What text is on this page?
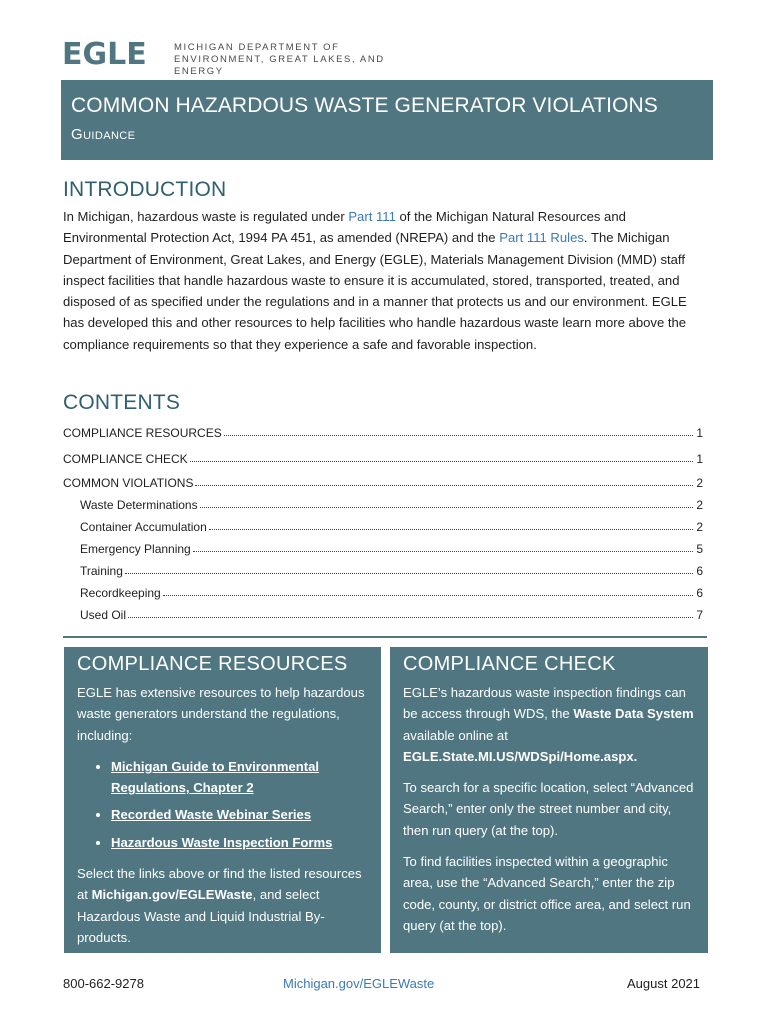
EGLE	MICHIGAN DEPARTMENT OF
ENVIRONMENT, GREAT LAKES, AND ENERGY
COMMON HAZARDOUS WASTE GENERATOR VIOLATIONS
Guidance
INTRODUCTION
In Michigan, hazardous waste is regulated under Part 111 of the Michigan Natural Resources and Environmental Protection Act, 1994 PA 451, as amended (NREPA) and the Part 111 Rules. The Michigan Department of Environment, Great Lakes, and Energy (EGLE), Materials Management Division (MMD) staff inspect facilities that handle hazardous waste to ensure it is accumulated, stored, transported, treated, and disposed of as specified under the regulations and in a manner that protects us and our environment. EGLE has developed this and other resources to help facilities who handle hazardous waste learn more above the compliance requirements so that they experience a safe and favorable inspection.
CONTENTS
COMPLIANCE RESOURCES	1
COMPLIANCE CHECK	1
COMMON VIOLATIONS	2
Waste Determinations	2
Container Accumulation	2
Emergency Planning	5
Training	6
Recordkeeping	6
Used Oil	7
COMPLIANCE RESOURCES

EGLE has extensive resources to help hazardous waste generators understand the regulations, including:

• Michigan Guide to Environmental Regulations, Chapter 2
• Recorded Waste Webinar Series
• Hazardous Waste Inspection Forms

Select the links above or find the listed resources at Michigan.gov/EGLEWaste, and select Hazardous Waste and Liquid Industrial By-products.

COMPLIANCE CHECK

EGLE’s hazardous waste inspection findings can be access through WDS, the Waste Data System available online at EGLE.State.MI.US/WDSpi/Home.aspx.

To search for a specific location, select “Advanced Search,” enter only the street number and city, then run query (at the top).

To find facilities inspected within a geographic area, use the “Advanced Search,” enter the zip code, county, or district office area, and select run query (at the top).

800-662-9278	Michigan.gov/EGLEWaste	August 2021
